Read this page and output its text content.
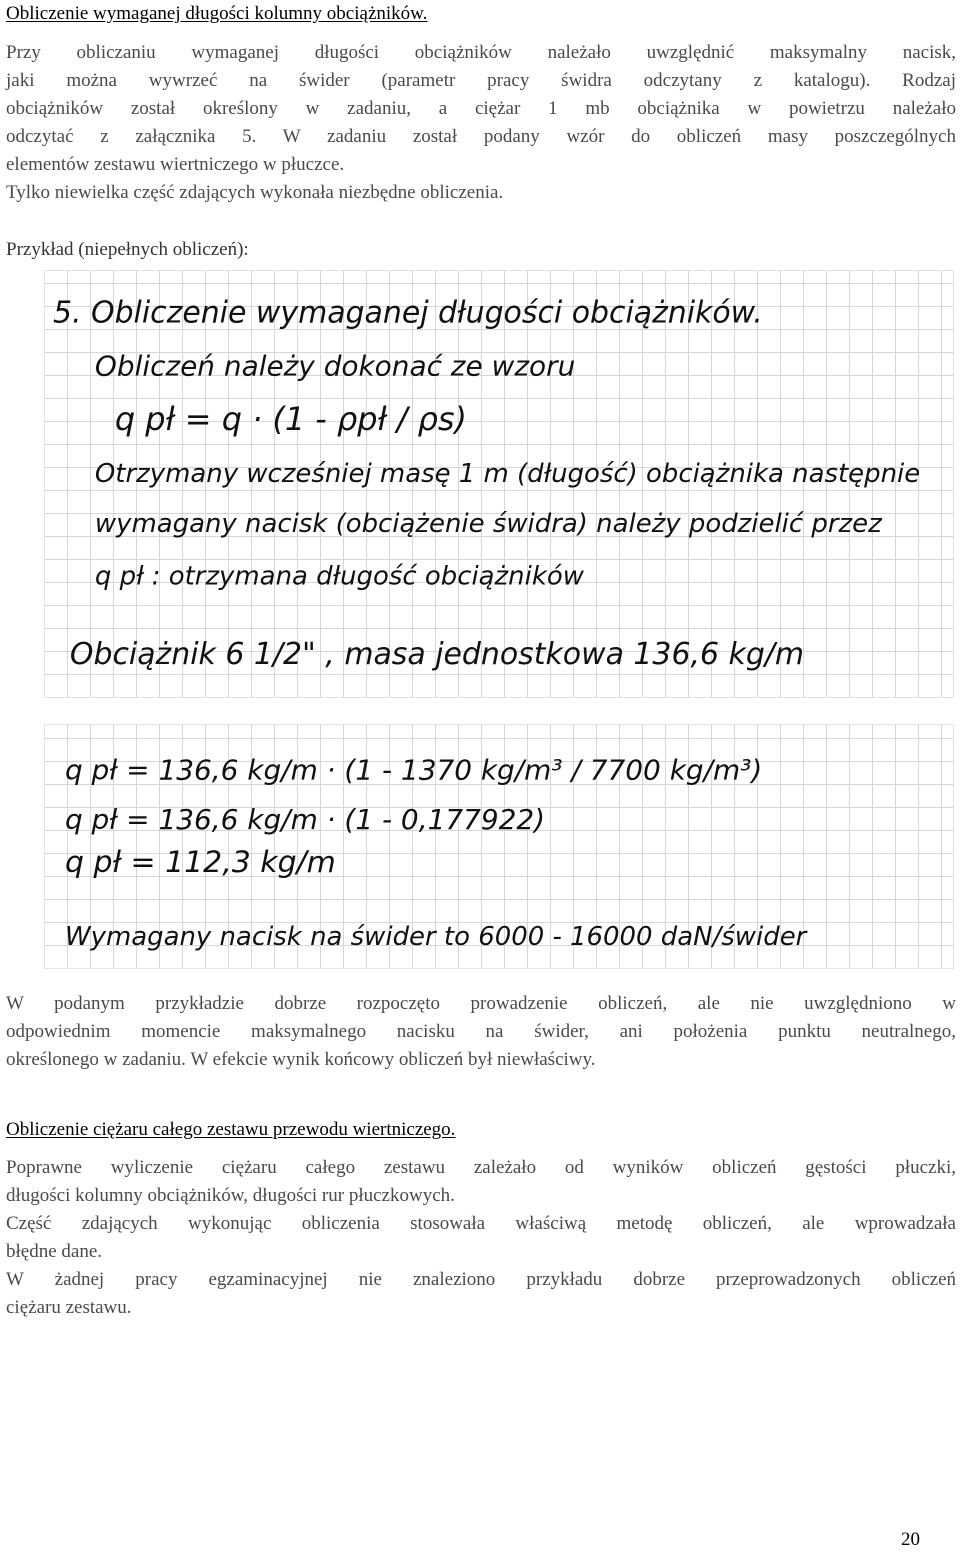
Obliczenie wymaganej długości kolumny obciążników.
Przy obliczaniu wymaganej długości obciążników należało uwzględnić maksymalny nacisk,
jaki można wywrzeć na świder (parametr pracy świdra odczytany z katalogu). Rodzaj
obciążników został określony w zadaniu, a ciężar 1 mb obciążnika w powietrzu należało
odczytać z załącznika 5. W zadaniu został podany wzór do obliczeń masy poszczególnych
elementów zestawu wiertniczego w płuczce.
Tylko niewielka część zdających wykonała niezbędne obliczenia.
Przykład (niepełnych obliczeń):
5. Obliczenie wymaganej długości obciążników.
Obliczeń należy dokonać ze wzoru
q pł = q · (1 - ρpł / ρs)
Otrzymany wcześniej masę 1 m (długość) obciążnika następnie
wymagany nacisk (obciążenie świdra) należy podzielić przez
q pł : otrzymana długość obciążników
Obciążnik 6 1/2" , masa jednostkowa 136,6 kg/m
q pł = 136,6 kg/m · (1 - 1370 kg/m³ / 7700 kg/m³)
q pł = 136,6 kg/m · (1 - 0,177922)
q pł = 112,3 kg/m
Wymagany nacisk na świder to 6000 - 16000 daN/świder
W podanym przykładzie dobrze rozpoczęto prowadzenie obliczeń, ale nie uwzględniono w
odpowiednim momencie maksymalnego nacisku na świder, ani położenia punktu neutralnego,
określonego w zadaniu. W efekcie wynik końcowy obliczeń był niewłaściwy.
Obliczenie ciężaru całego zestawu przewodu wiertniczego.
Poprawne wyliczenie ciężaru całego zestawu zależało od wyników obliczeń gęstości płuczki,
długości kolumny obciążników, długości rur płuczkowych.
Część zdających wykonując obliczenia stosowała właściwą metodę obliczeń, ale wprowadzała
błędne dane.
W żadnej pracy egzaminacyjnej nie znaleziono przykładu dobrze przeprowadzonych obliczeń
ciężaru zestawu.
20
